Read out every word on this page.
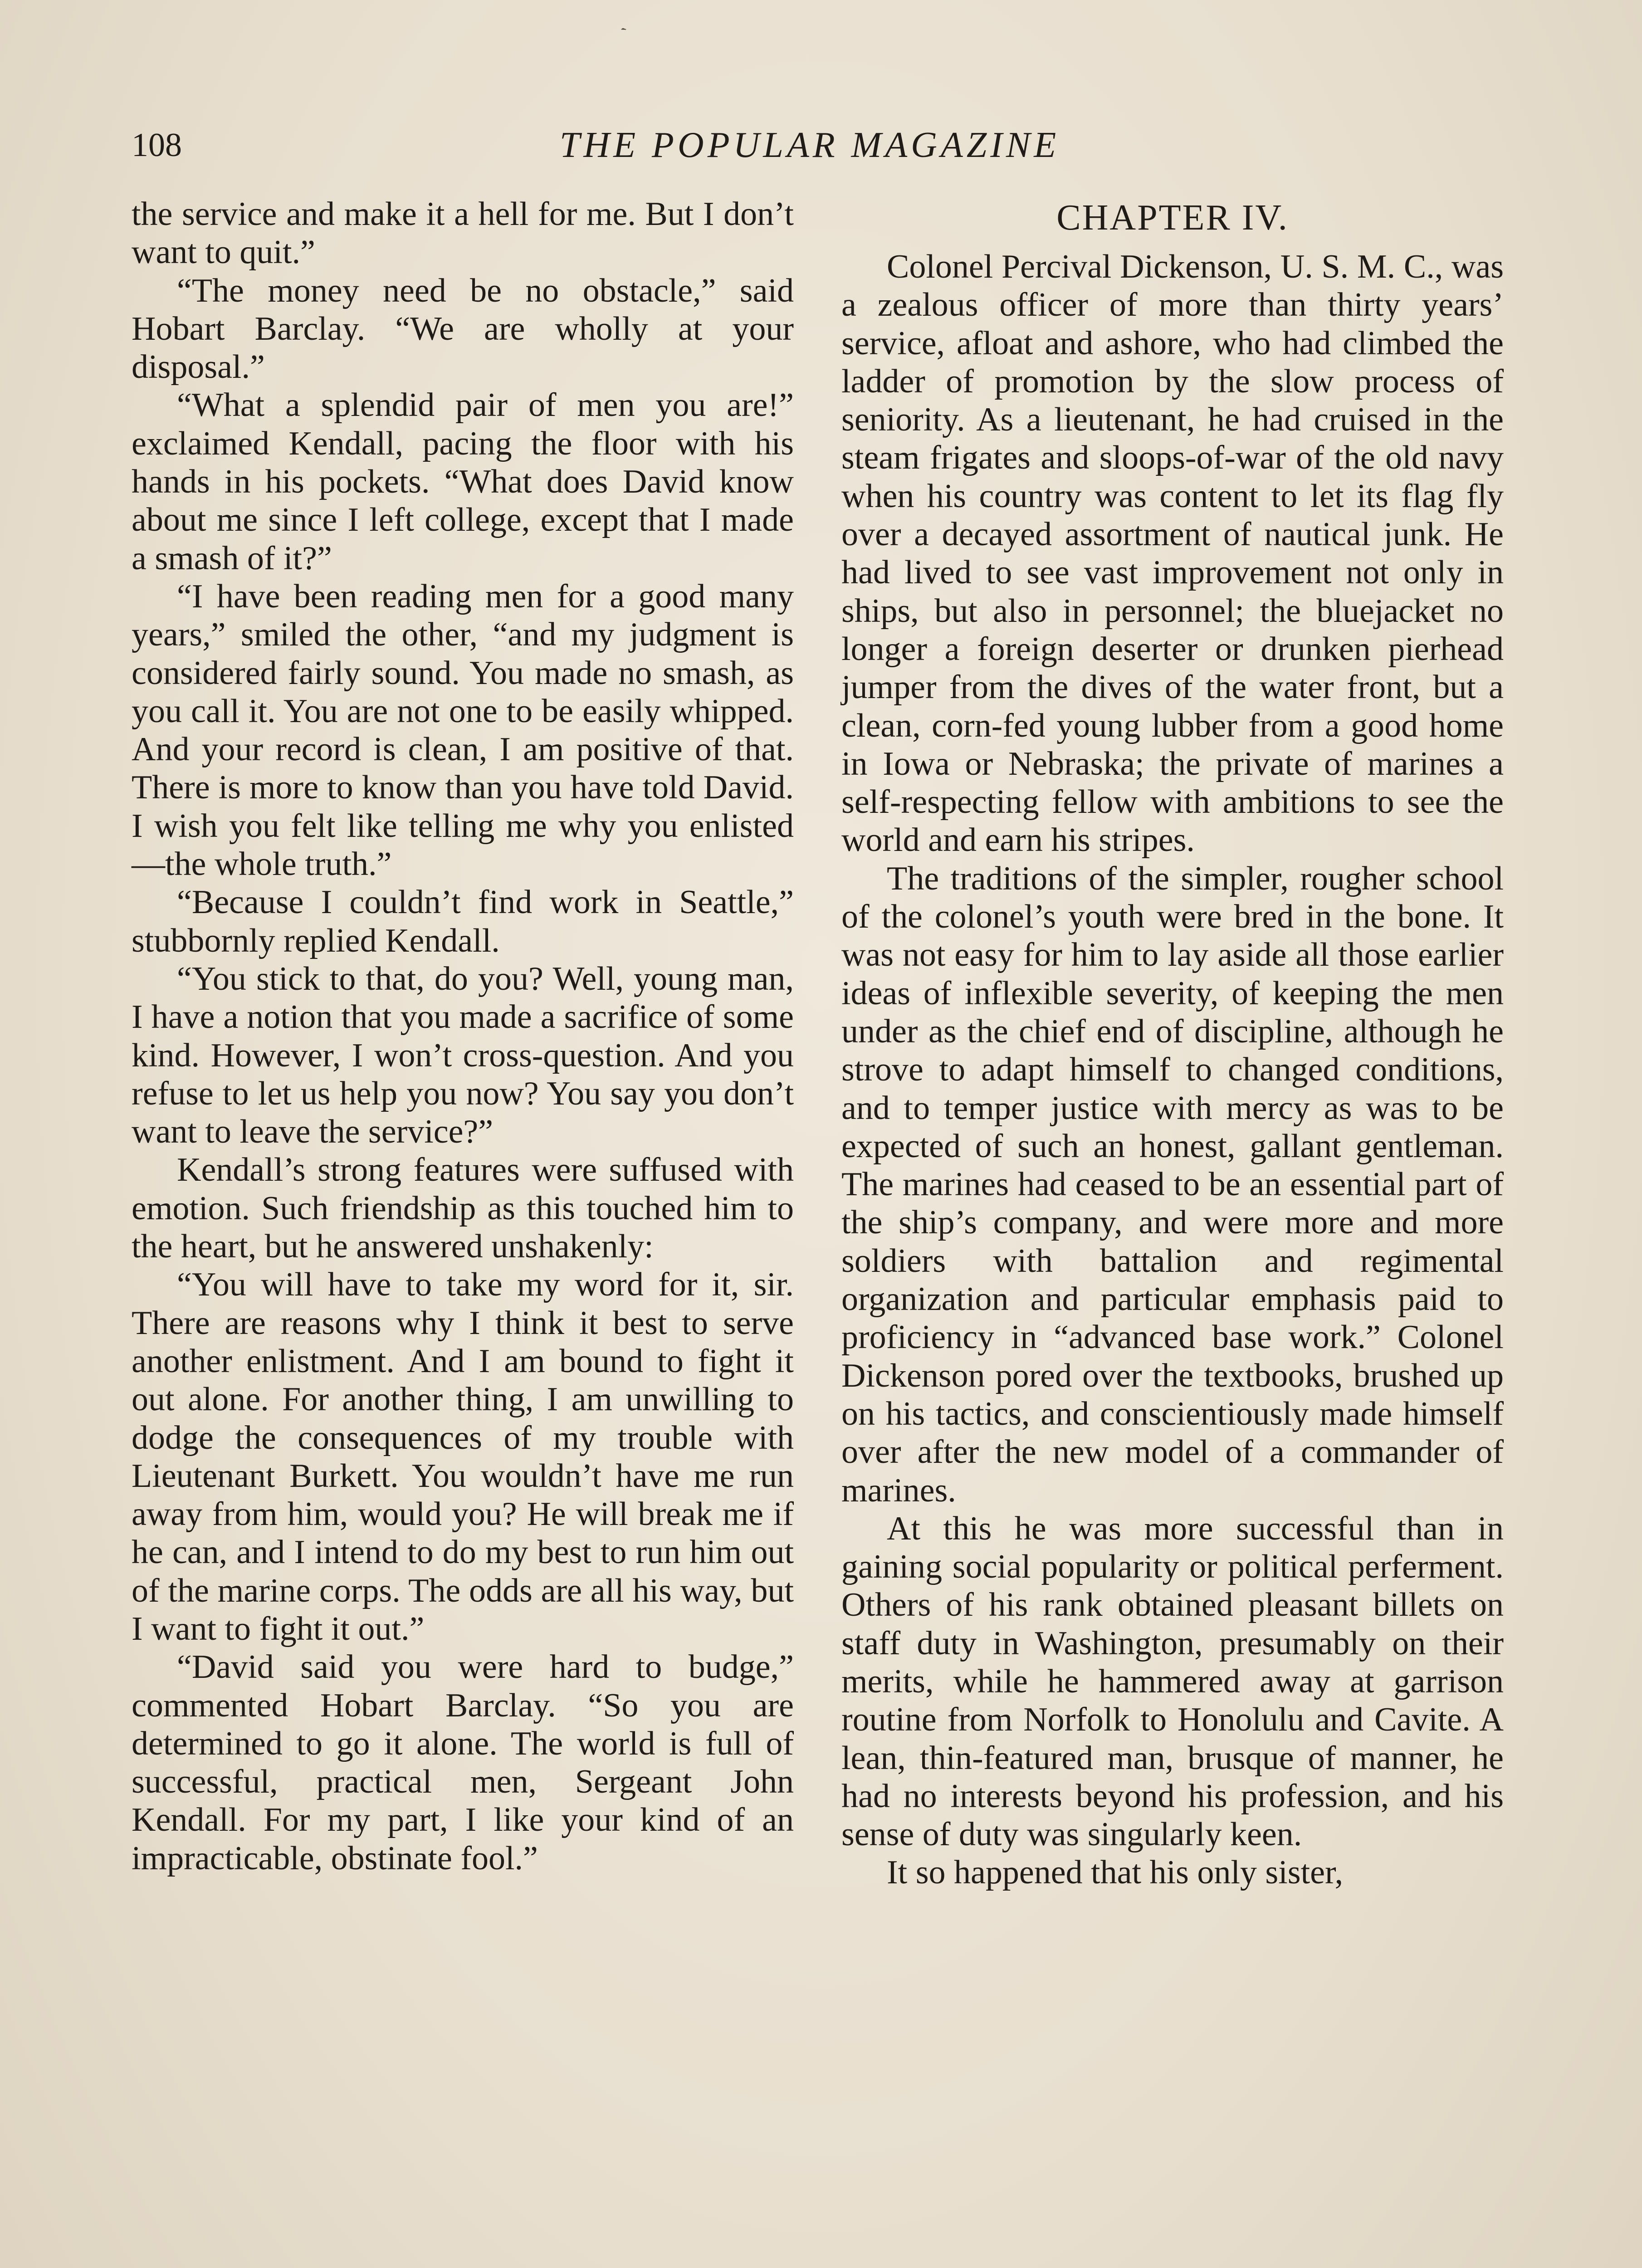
ˎ
108	THE POPULAR MAGAZINE

the service and make it a hell for me. But I don’t want to quit.”

“The money need be no obstacle,” said Hobart Barclay. “We are wholly at your disposal.”

“What a splendid pair of men you are!” exclaimed Kendall, pacing the floor with his hands in his pockets. “What does David know about me since I left college, except that I made a smash of it?”

“I have been reading men for a good many years,” smiled the other, “and my judgment is considered fairly sound. You made no smash, as you call it. You are not one to be easily whipped. And your record is clean, I am positive of that. There is more to know than you have told David. I wish you felt like telling me why you enlisted—the whole truth.”

“Because I couldn’t find work in Seattle,” stubbornly replied Kendall.

“You stick to that, do you? Well, young man, I have a notion that you made a sacrifice of some kind. However, I won’t cross-question. And you refuse to let us help you now? You say you don’t want to leave the service?”

Kendall’s strong features were suffused with emotion. Such friendship as this touched him to the heart, but he answered unshakenly:

“You will have to take my word for it, sir. There are reasons why I think it best to serve another enlistment. And I am bound to fight it out alone. For another thing, I am unwilling to dodge the consequences of my trouble with Lieutenant Burkett. You wouldn’t have me run away from him, would you? He will break me if he can, and I intend to do my best to run him out of the marine corps. The odds are all his way, but I want to fight it out.”

“David said you were hard to budge,” commented Hobart Barclay. “So you are determined to go it alone. The world is full of successful, practical men, Sergeant John Kendall. For my part, I like your kind of an impracticable, obstinate fool.”

CHAPTER IV.

Colonel Percival Dickenson, U. S. M. C., was a zealous officer of more than thirty years’ service, afloat and ashore, who had climbed the ladder of promotion by the slow process of seniority. As a lieutenant, he had cruised in the steam frigates and sloops-of-war of the old navy when his country was content to let its flag fly over a decayed assortment of nautical junk. He had lived to see vast improvement not only in ships, but also in personnel; the bluejacket no longer a foreign deserter or drunken pierhead jumper from the dives of the water front, but a clean, corn-fed young lubber from a good home in Iowa or Nebraska; the private of marines a self-respecting fellow with ambitions to see the world and earn his stripes.

The traditions of the simpler, rougher school of the colonel’s youth were bred in the bone. It was not easy for him to lay aside all those earlier ideas of inflexible severity, of keeping the men under as the chief end of discipline, although he strove to adapt himself to changed conditions, and to temper justice with mercy as was to be expected of such an honest, gallant gentleman. The marines had ceased to be an essential part of the ship’s company, and were more and more soldiers with battalion and regimental organization and particular emphasis paid to proficiency in “advanced base work.” Colonel Dickenson pored over the textbooks, brushed up on his tactics, and conscientiously made himself over after the new model of a commander of marines.

At this he was more successful than in gaining social popularity or political perferment. Others of his rank obtained pleasant billets on staff duty in Washington, presumably on their merits, while he hammered away at garrison routine from Norfolk to Honolulu and Cavite. A lean, thin-featured man, brusque of manner, he had no interests beyond his profession, and his sense of duty was singularly keen.

It so happened that his only sister,
